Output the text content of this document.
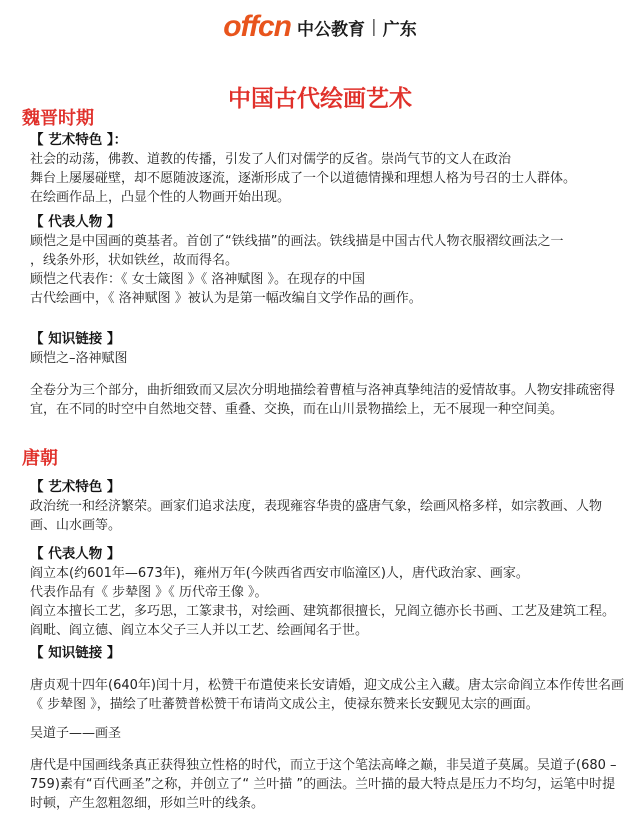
offcn 中公教育 | 广东
中国古代绘画艺术
魏晋时期

【 艺术特色 】：

社会的动荡，佛教、道教的传播，引发了人们对儒学的反省。崇尚气节的文人在政治

舞台上屡屡碰壁，却不愿随波逐流，逐渐形成了一个以道德情操和理想人格为号召的士人群体。

在绘画作品上，凸显个性的人物画开始出现。

【 代表人物 】

顾恺之是中国画的奠基者。首创了“铁线描”的画法。铁线描是中国古代人物衣服褶纹画法之一

，线条外形，状如铁丝，故而得名。

顾恺之代表作：《 女士箴图 》《 洛神赋图 》。在现存的中国

古代绘画中，《 洛神赋图 》被认为是第一幅改编自文学作品的画作。

【 知识链接 】

顾恺之–洛神赋图

全卷分为三个部分，曲折细致而又层次分明地描绘着曹植与洛神真挚纯洁的爱情故事。人物安排疏密得宜，在不同的时空中自然地交替、重叠、交换，而在山川景物描绘上，无不展现一种空间美。

唐朝

【 艺术特色 】

政治统一和经济繁荣。画家们追求法度，表现雍容华贵的盛唐气象，绘画风格多样，如宗教画、人物画、山水画等。

【 代表人物 】

阎立本(约601年—673年)，雍州万年(今陕西省西安市临潼区)人，唐代政治家、画家。

代表作品有《 步辇图 》《 历代帝王像 》。

阎立本擅长工艺，多巧思，工篆隶书，对绘画、建筑都很擅长，兄阎立德亦长书画、工艺及建筑工程。阎毗、阎立德、阎立本父子三人并以工艺、绘画闻名于世。

【 知识链接 】

唐贞观十四年(640年)闰十月，松赞干布遣使来长安请婚，迎文成公主入藏。唐太宗命阎立本作传世名画《 步辇图 》，描绘了吐蕃赞普松赞干布请尚文成公主，使禄东赞来长安觐见太宗的画面。

吴道子——画圣

唐代是中国画线条真正获得独立性格的时代，而立于这个笔法高峰之巅，非吴道子莫属。吴道子(680 – 759)素有“百代画圣”之称，并创立了“ 兰叶描 ”的画法。兰叶描的最大特点是压力不均匀，运笔中时提时顿，产生忽粗忽细，形如兰叶的线条。
